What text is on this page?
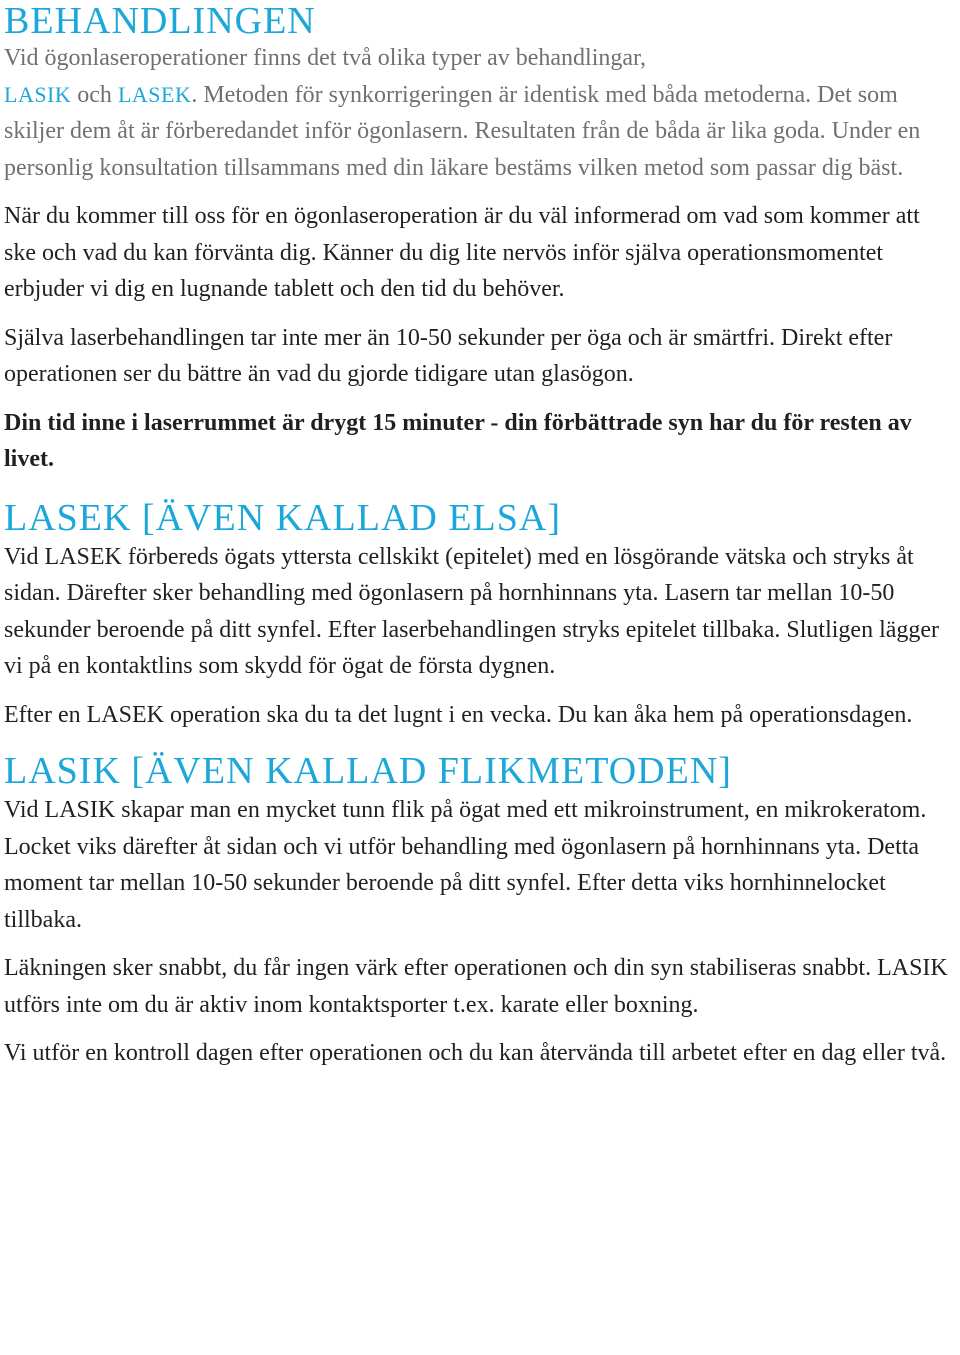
BEHANDLINGEN

Vid ögonlaseroperationer finns det två olika typer av behandlingar,
LASIK och LASEK. Metoden för synkorrigeringen är identisk med båda metoderna. Det som skiljer dem åt är förberedandet inför ögonlasern. Resultaten från de båda är lika goda. Under en personlig konsultation tillsammans med din läkare bestäms vilken metod som passar dig bäst.

När du kommer till oss för en ögonlaseroperation är du väl informerad om vad som kommer att ske och vad du kan förvänta dig. Känner du dig lite nervös inför själva operationsmomentet erbjuder vi dig en lugnande tablett och den tid du behöver.

Själva laserbehandlingen tar inte mer än 10-50 sekunder per öga och är smärtfri. Direkt efter operationen ser du bättre än vad du gjorde tidigare utan glasögon.

Din tid inne i laserrummet är drygt 15 minuter - din förbättrade syn har du för resten av livet.

LASEK [ÄVEN KALLAD ELSA]

Vid LASEK förbereds ögats yttersta cellskikt (epitelet) med en lösgörande vätska och stryks åt sidan. Därefter sker behandling med ögonlasern på hornhinnans yta. Lasern tar mellan 10-50 sekunder beroende på ditt synfel. Efter laserbehandlingen stryks epitelet tillbaka. Slutligen lägger vi på en kontaktlins som skydd för ögat de första dygnen.

Efter en LASEK operation ska du ta det lugnt i en vecka. Du kan åka hem på operationsdagen.

LASIK [ÄVEN KALLAD FLIKMETODEN]

Vid LASIK skapar man en mycket tunn flik på ögat med ett mikroinstrument, en mikrokeratom. Locket viks därefter åt sidan och vi utför behandling med ögonlasern på hornhinnans yta. Detta moment tar mellan 10-50 sekunder beroende på ditt synfel. Efter detta viks hornhinnelocket tillbaka.

Läkningen sker snabbt, du får ingen värk efter operationen och din syn stabiliseras snabbt. LASIK utförs inte om du är aktiv inom kontaktsporter t.ex. karate eller boxning.

Vi utför en kontroll dagen efter operationen och du kan återvända till arbetet efter en dag eller två.
